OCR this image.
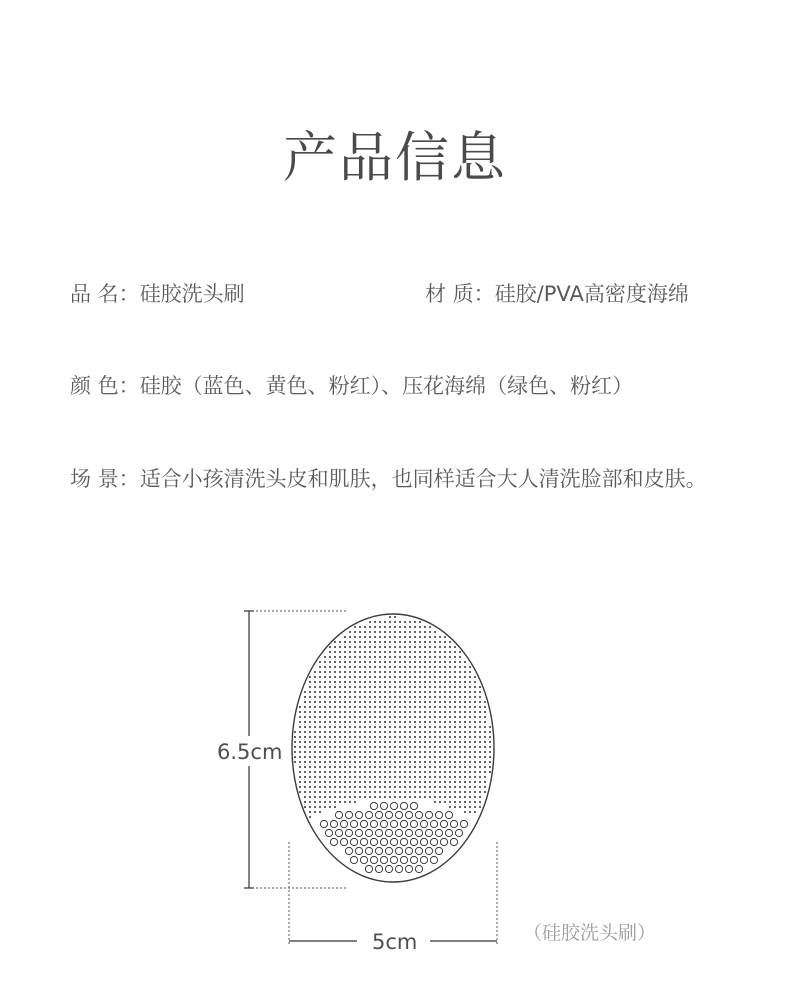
产品信息
品 名：硅胶洗头刷	材 质：硅胶/PVA高密度海绵
颜 色：硅胶（蓝色、黄色、粉红）、压花海绵（绿色、粉红）
场 景：适合小孩清洗头皮和肌肤，也同样适合大人清洗脸部和皮肤。
6.5cm
5cm	（硅胶洗头刷）
